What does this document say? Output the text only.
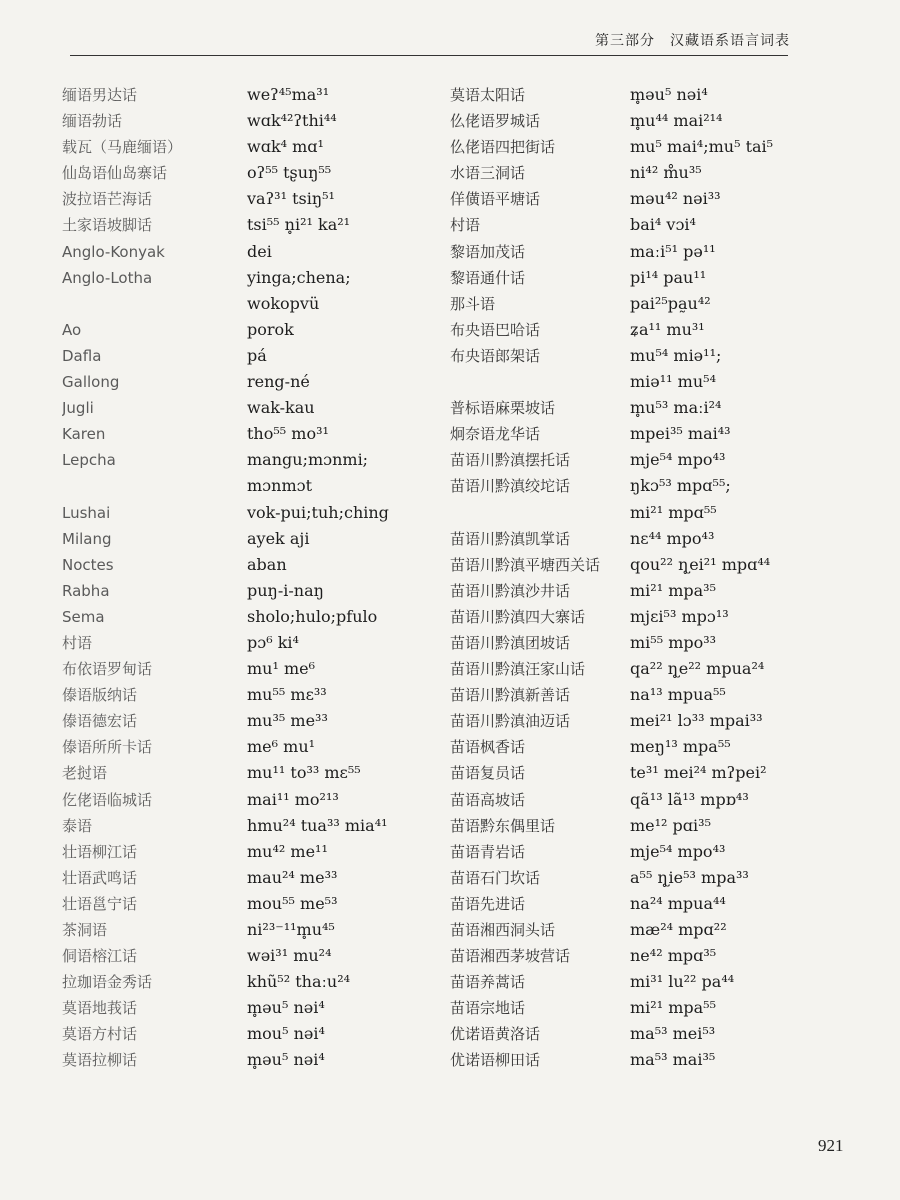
第三部分　汉藏语系语言词表
缅语男达话	weʔ⁴⁵ma³¹
缅语勃话	wɑk⁴²ʔthi⁴⁴
载瓦（马鹿缅语）	wɑk⁴ mɑ¹
仙岛语仙岛寨话	oʔ⁵⁵ tʂuŋ⁵⁵
波拉语芒海话	vaʔ³¹ tsiŋ⁵¹
土家语坡脚话	tsi⁵⁵ n̥i²¹ ka²¹
Anglo-Konyak	dei
Anglo-Lotha	yinga;chena;
wokopvü
Ao	porok
Dafla	pá
Gallong	reng-né
Jugli	wak-kau
Karen	tho⁵⁵ mo³¹
Lepcha	mangu;mɔnmi;
mɔnmɔt
Lushai	vok-pui;tuh;ching
Milang	ayek aji
Noctes	aban
Rabha	puŋ-i-naŋ
Sema	sholo;hulo;pfulo
村语	pɔ⁶ ki⁴
布依语罗甸话	mu¹ me⁶
傣语版纳话	mu⁵⁵ mɛ³³
傣语德宏话	mu³⁵ me³³
傣语所所卡话	me⁶ mu¹
老挝语	mu¹¹ to³³ mɛ⁵⁵
仡佬语临城话	mai¹¹ mo²¹³
泰语	hmu²⁴ tua³³ mia⁴¹
壮语柳江话	mu⁴² me¹¹
壮语武鸣话	mau²⁴ me³³
壮语邕宁话	mou⁵⁵ me⁵³
茶洞语	ni²³⁻¹¹m̥u⁴⁵
侗语榕江话	wəi³¹ mu²⁴
拉珈语金秀话	khũ⁵² thaːu²⁴
莫语地莪话	m̥əu⁵ nəi⁴
莫语方村话	mou⁵ nəi⁴
莫语拉柳话	m̥əu⁵ nəi⁴
莫语太阳话	m̥əu⁵ nəi⁴
仫佬语罗城话	m̥u⁴⁴ mai²¹⁴
仫佬语四把街话	mu⁵ mai⁴;mu⁵ tai⁵
水语三洞话	ni⁴² m̊u³⁵
佯僙语平塘话	məu⁴² nəi³³
村语	bai⁴ vɔi⁴
黎语加茂话	maːi⁵¹ pə¹¹
黎语通什话	pi¹⁴ pau¹¹
那斗语	pai²⁵pa̰u⁴²
布央语巴哈话	ʑa¹¹ mu³¹
布央语郎架话	mu⁵⁴ miə¹¹;
miə¹¹ mu⁵⁴
普标语麻栗坡话	m̥u⁵³ maːi²⁴
炯奈语龙华话	mpei³⁵ mai⁴³
苗语川黔滇摆托话	mje⁵⁴ mpo⁴³
苗语川黔滇绞坨话	ŋkɔ⁵³ mpɑ⁵⁵;
mi²¹ mpɑ⁵⁵
苗语川黔滇凯掌话	nɛ⁴⁴ mpo⁴³
苗语川黔滇平塘西关话	qou²² ɳ̥ei²¹ mpɑ⁴⁴
苗语川黔滇沙井话	mi²¹ mpa³⁵
苗语川黔滇四大寨话	mjɛi⁵³ mpɔ¹³
苗语川黔滇团坡话	mi⁵⁵ mpo³³
苗语川黔滇汪家山话	qa²² ɳ̥e²² mpua²⁴
苗语川黔滇新善话	na¹³ mpua⁵⁵
苗语川黔滇油迈话	mei²¹ lɔ³³ mpai³³
苗语枫香话	meŋ¹³ mpa⁵⁵
苗语复员话	te³¹ mei²⁴ mʔpei²
苗语高坡话	qã¹³ lã¹³ mpɒ⁴³
苗语黔东偶里话	me¹² pɑi³⁵
苗语青岩话	mje⁵⁴ mpo⁴³
苗语石门坎话	a⁵⁵ ɳ̥ie⁵³ mpa³³
苗语先进话	na²⁴ mpua⁴⁴
苗语湘西洞头话	mæ²⁴ mpɑ²²
苗语湘西茅坡营话	ne⁴² mpɑ³⁵
苗语养蒿话	mi³¹ lu²² pa⁴⁴
苗语宗地话	mi²¹ mpa⁵⁵
优诺语黄洛话	ma⁵³ mei⁵³
优诺语柳田话	ma⁵³ mai³⁵
921
